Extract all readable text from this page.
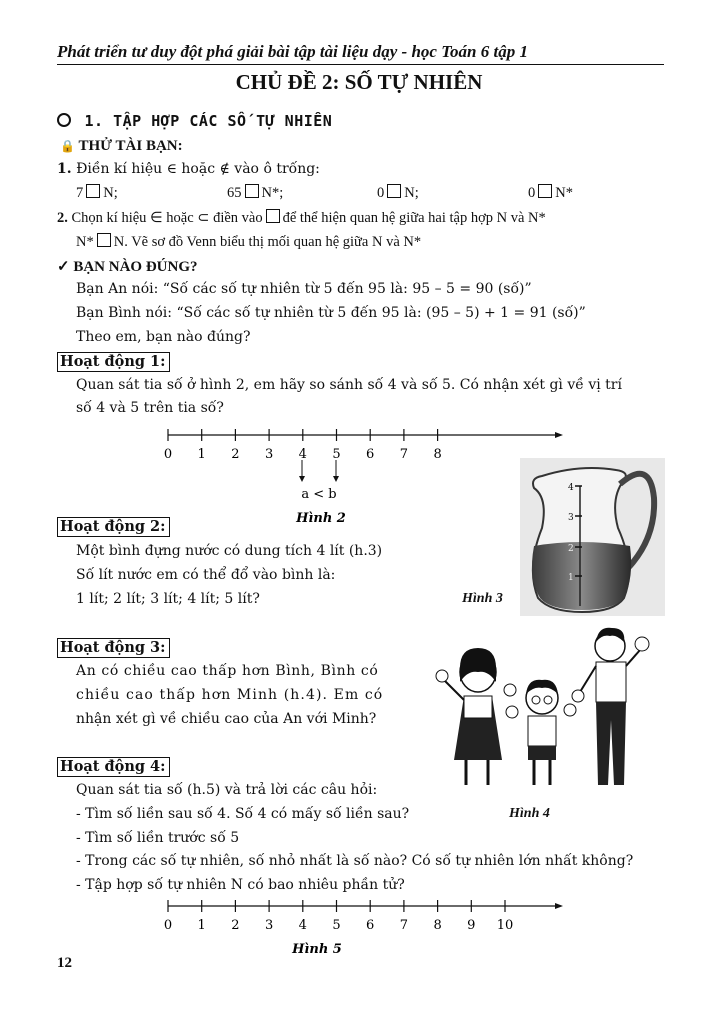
Phát triển tư duy đột phá giải bài tập tài liệu dạy - học Toán 6 tập 1
CHỦ ĐỀ 2: SỐ TỰ NHIÊN
1. TẬP HỢP CÁC SỐ TỰ NHIÊN
🔒 THỬ TÀI BẠN:
1. Điền kí hiệu ∈ hoặc ∉ vào ô trống:
7 N;	65 N*;	0 N;	0 N*
2. Chọn kí hiệu ∈ hoặc ⊂ điền vào để thể hiện quan hệ giữa hai tập hợp N và N*
N* N. Vẽ sơ đồ Venn biểu thị mối quan hệ giữa N và N*
✓ BẠN NÀO ĐÚNG?
Bạn An nói: “Số các số tự nhiên từ 5 đến 95 là: 95 – 5 = 90 (số)”
Bạn Bình nói: “Số các số tự nhiên từ 5 đến 95 là: (95 – 5) + 1 = 91 (số)”
Theo em, bạn nào đúng?
Hoạt động 1:
Quan sát tia số ở hình 2, em hãy so sánh số 4 và số 5. Có nhận xét gì về vị trí
số 4 và 5 trên tia số?
0 1 2 3 4 5 6 7 8
a < b
Hình 2
Hoạt động 2:
Một bình đựng nước có dung tích 4 lít (h.3)
Số lít nước em có thể đổ vào bình là:
1 lít; 2 lít; 3 lít; 4 lít; 5 lít?	Hình 3
1
2
3
4
Hoạt động 3:
An có chiều cao thấp hơn Bình, Bình có
chiều cao thấp hơn Minh (h.4). Em có
nhận xét gì về chiều cao của An với Minh?
Hoạt động 4:
Quan sát tia số (h.5) và trả lời các câu hỏi:
- Tìm số liền sau số 4. Số 4 có mấy số liền sau?	Hình 4
- Tìm số liền trước số 5
- Trong các số tự nhiên, số nhỏ nhất là số nào? Có số tự nhiên lớn nhất không?
- Tập hợp số tự nhiên N có bao nhiêu phần tử?
0 1 2 3 4 5 6 7 8 9 10
Hình 5
12
